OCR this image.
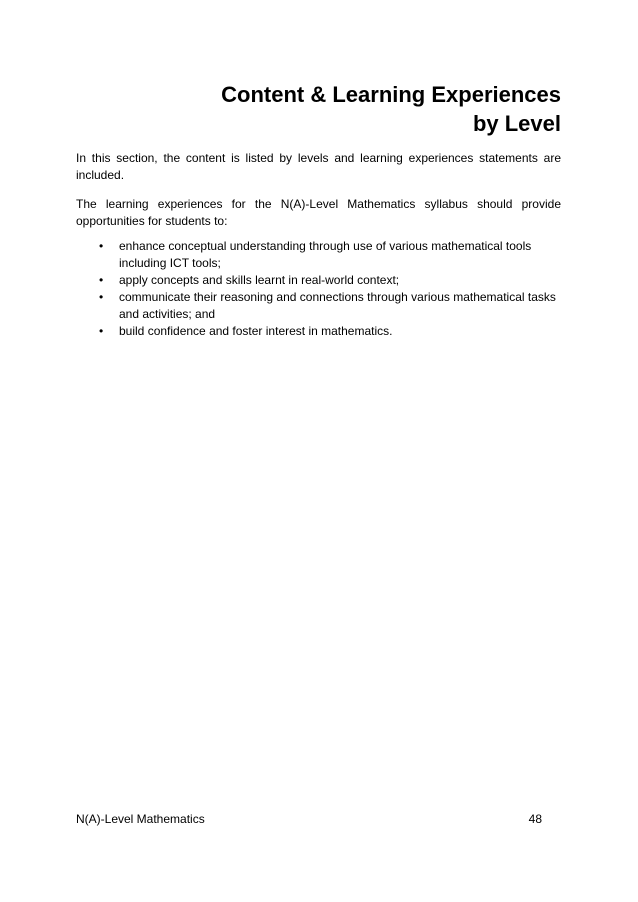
Content & Learning Experiences
by Level

In this section, the content is listed by levels and learning experiences statements are included.

The learning experiences for the N(A)-Level Mathematics syllabus should provide opportunities for students to:

• enhance conceptual understanding through use of various mathematical tools including ICT tools;
• apply concepts and skills learnt in real-world context;
• communicate their reasoning and connections through various mathematical tasks and activities; and
• build confidence and foster interest in mathematics.
N(A)-Level Mathematics	48
